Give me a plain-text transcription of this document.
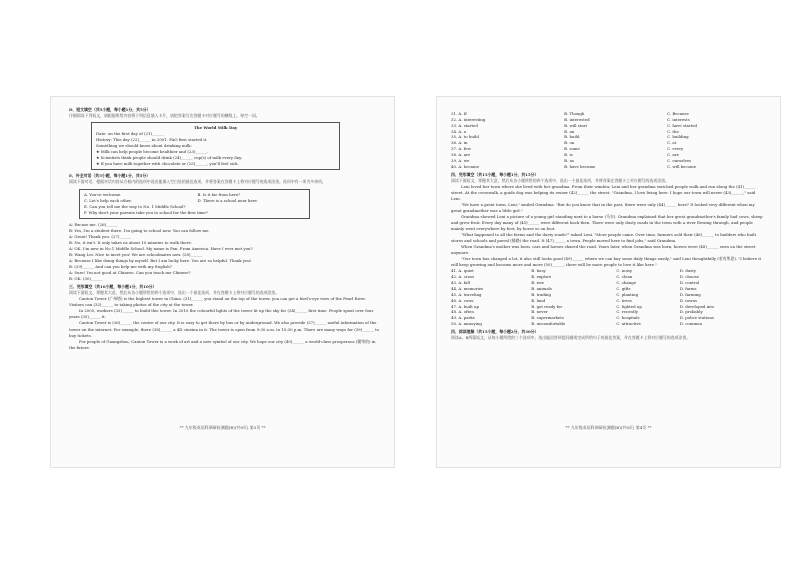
D、短文填空（共5小题，每小题1分，共5分）

仔细阅读下列短文，请根据所给内容将下列信息填入卡片，请把答案写在答题卡对应题号的横线上。每空一词。

The World Milk Day

Date: on the first day of (21)______

History: This day (22)______ in 2001. FAO first started it.

Something we should know about drinking milk:

★ Milk can help people become healthier and (23)______.

★ Scientists think people should drink (24)______ cup(s) of milk every day.

★ If you have milk together with chocolate or (25)______, you'll feel sick.

E、补全对话（共5小题，每小题1分，共5分）

阅读下面对话，根据对话内容从方框内的选项中选出能填入空白处的最佳选项，并将答案在答题卡上将对应题号的选项涂黑。选项中有一项为多余项。

A. You're welcome.	B. Is it far from here?
C. Let's help each other.	D. There is a school near here.
E. Can you tell me the way to No. 1 Middle School?
F. Why don't your parents take you to school for the first time?

A: Excuse me. (26)______

B: Yes, I'm a student there. I'm going to school now. You can follow me.

A: Great! Thank you. (27)______

B: No, it isn't. It only takes us about 10 minutes to walk there.

A: OK. I'm new in No.1 Middle School. My name is Pan. From America. Have I ever met you?

B: Wang Lei. Nice to meet you! We are schoolmates now. (28)______

A: Because I like doing things by myself. But I am lucky here. You are so helpful. Thank you!

B: (29)______ And can you help me with my English?

A: Sure! I'm not good at Chinese. Can you teach me Chinese?

B: OK. (30)______

三、完形填空（共10小题，每小题1分，共10分）

阅读下面短文，掌握其大意，然后从各小题所给的四个选项中，选出一个最佳选项，并在答题卡上将对应题号的选项涂黑。

Canton Tower (广州塔) is the highest tower in China. (31)______ you stand on the top of the tower, you can get a bird's-eye view of the Pearl River. Visitors can (32)______ to taking photos of the city at the tower.

In 2005, workers (33)______ to build this tower. In 2010 the colourful lights of the tower lit up the sky for (34)______ first time. People spent over four years (35)______ it.

Canton Tower is (36)______ the centre of our city. It is easy to get there by bus or by underground. We also provide (37)______ useful information of the tower on the internet. For example, there (38)______ a 4D cinema in it. The tower is open from 9:30 a.m. to 10:30 p.m. There are many ways for (39)______ to buy tickets.

For people of Guangzhou, Canton Tower is a work of art and a new symbol of our city. We hope our city (40)______ a world-class prosperous (繁荣的) in the future.

** 九年级英语科调研检测题(B)(共8页) 第3页 **

31. A. If	B. Though	C. Because
32. A. interesting	B. interested	C. interests
33. A. started	B. will start	C. have started
34. A. a	B. an	C. the
35. A. to build	B. build	C. building
36. A. in	B. on	C. at
37. A. few	B. some	C. every
38. A. are	B. is	C. are
39. A. we	B. us	C. ourselves
40. A. became	B. have become	C. will become

四、完形填空（共15小题，每小题1分，共15分）

阅读下面短文，掌握其大意，然后从各小题所给的四个选项中，选出一个最佳选项，并将答案在答题卡上对应题号的选项涂黑。

Leni loved her town where she lived with her grandma. From their window, Leni and her grandma watched people walk and run along the (41)______ street. At the crosswalk, a guide dog was helping its owner (42)______ the street. "Grandma, I love living here. I hope our town will never (43)______," said Leni.

"We have a great town, Leni," smiled Grandma. "But do you know that in the past, there were only (44)______ here? It looked very different when my great grandmother was a little girl."

Grandma showed Leni a picture of a young girl standing next to a horse (马车). Grandma explained that her great grandmother's family had cows, sheep and grew fruit. Every day many of (45)______ were different back then. There were only dusty roads in the town with a river flowing through, and people mainly went everywhere by foot, by horse or on foot.

"What happened to all the farms and the dusty roads?" asked Leni. "More people came. Over time, farmers sold their (46)______ to builders who built stores and schools and paved (铺路) the road. It (47)______ a town. People moved here to find jobs," said Grandma.

When Grandma's mother was born, cars and horses shared the road. Years later, when Grandma was born, horses were (48)______ seen on the street anymore.

"Our town has changed a lot, it also still looks good (49)______ where we can buy some daily things easily," said Leni thoughtfully (若有所思). "I believe it will keep growing and become more and more (50)______, there will be more people to love it like here."

41. A. quiet	B. busy	C. noisy	D. dusty
42. A. cross	B. explore	C. clean	D. choose
43. A. fall	B. rise	C. change	D. control
44. A. memories	B. animals	C. gifts	D. farms
45. A. traveling	B. trading	C. planting	D. farming
46. A. cows	B. land	C. trees	D. towns
47. A. built up	B. got ready for	C. lighted up	D. developed into
48. A. often	B. never	C. recently	D. probably
49. A. parks	B. supermarkets	C. hospitals	D. police stations
50. A. annoying	B. uncomfortable	C. attractive	D. common

四、阅读理解（共15小题，每小题2分，共30分）

阅读A、B两篇短文，从每小题所给的三个选项中，选出能回答所提问题或完成所给句子的最佳答案，并在答题卡上将对应题号的选项涂黑。

** 九年级英语科调研检测题(B)(共8页) 第4页 **
